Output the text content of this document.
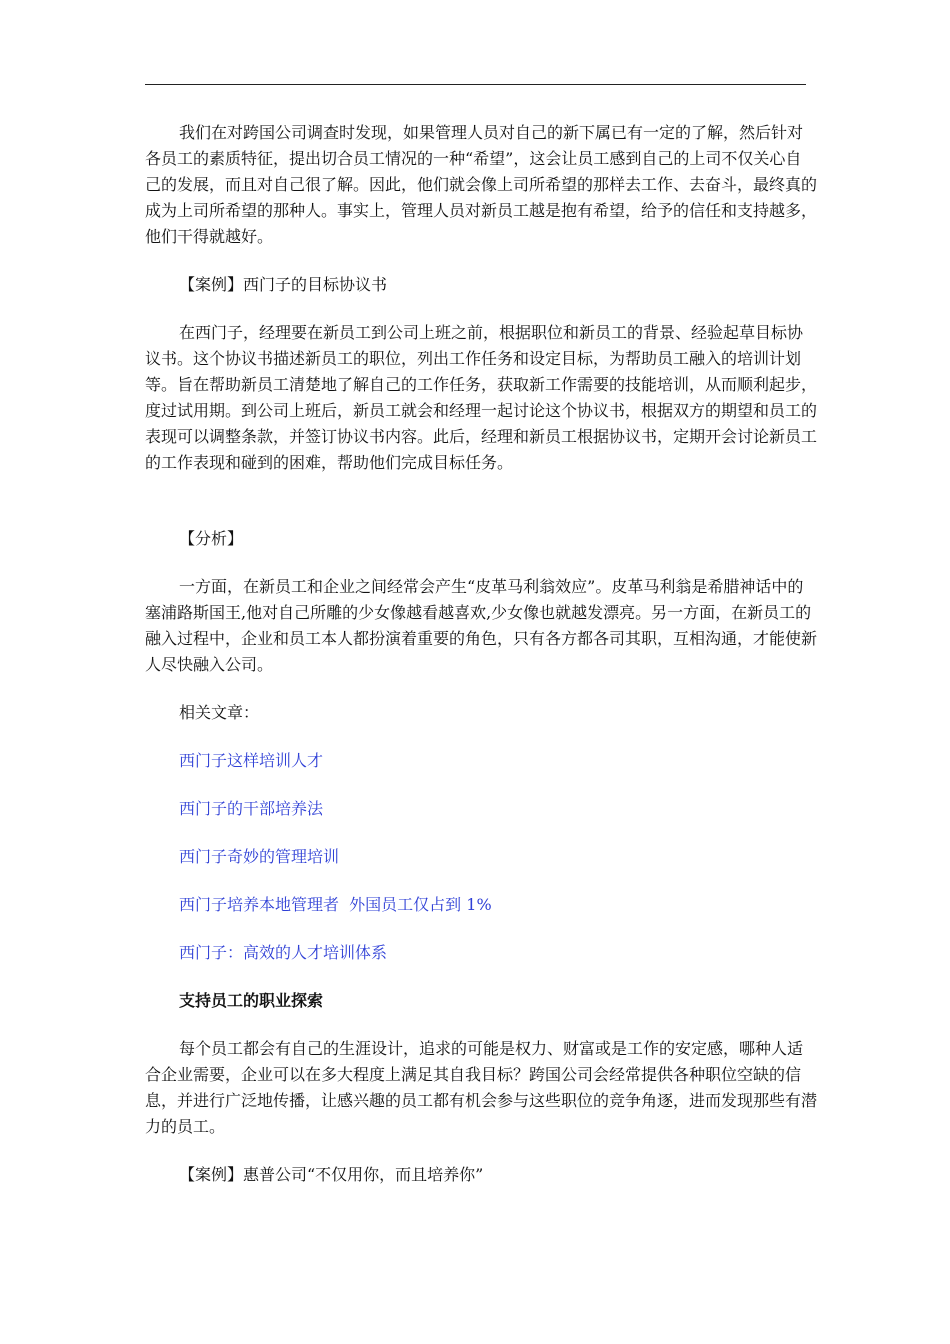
我们在对跨国公司调查时发现，如果管理人员对自己的新下属已有一定的了解，然后针对各员工的素质特征，提出切合员工情况的一种“希望”，这会让员工感到自己的上司不仅关心自己的发展，而且对自己很了解。因此，他们就会像上司所希望的那样去工作、去奋斗，最终真的成为上司所希望的那种人。事实上，管理人员对新员工越是抱有希望，给予的信任和支持越多，他们干得就越好。

【案例】西门子的目标协议书

在西门子，经理要在新员工到公司上班之前，根据职位和新员工的背景、经验起草目标协议书。这个协议书描述新员工的职位，列出工作任务和设定目标，为帮助员工融入的培训计划等。旨在帮助新员工清楚地了解自己的工作任务，获取新工作需要的技能培训，从而顺利起步，度过试用期。到公司上班后，新员工就会和经理一起讨论这个协议书，根据双方的期望和员工的表现可以调整条款，并签订协议书内容。此后，经理和新员工根据协议书，定期开会讨论新员工的工作表现和碰到的困难，帮助他们完成目标任务。

【分析】

一方面，在新员工和企业之间经常会产生“皮革马利翁效应”。皮革马利翁是希腊神话中的塞浦路斯国王,他对自己所雕的少女像越看越喜欢,少女像也就越发漂亮。另一方面，在新员工的融入过程中，企业和员工本人都扮演着重要的角色，只有各方都各司其职，互相沟通，才能使新人尽快融入公司。

相关文章：

西门子这样培训人才

西门子的干部培养法

西门子奇妙的管理培训

西门子培养本地管理者  外国员工仅占到 1%

西门子：高效的人才培训体系

支持员工的职业探索

每个员工都会有自己的生涯设计，追求的可能是权力、财富或是工作的安定感，哪种人适合企业需要，企业可以在多大程度上满足其自我目标？跨国公司会经常提供各种职位空缺的信息，并进行广泛地传播，让感兴趣的员工都有机会参与这些职位的竞争角逐，进而发现那些有潜力的员工。

【案例】惠普公司“不仅用你，而且培养你”
